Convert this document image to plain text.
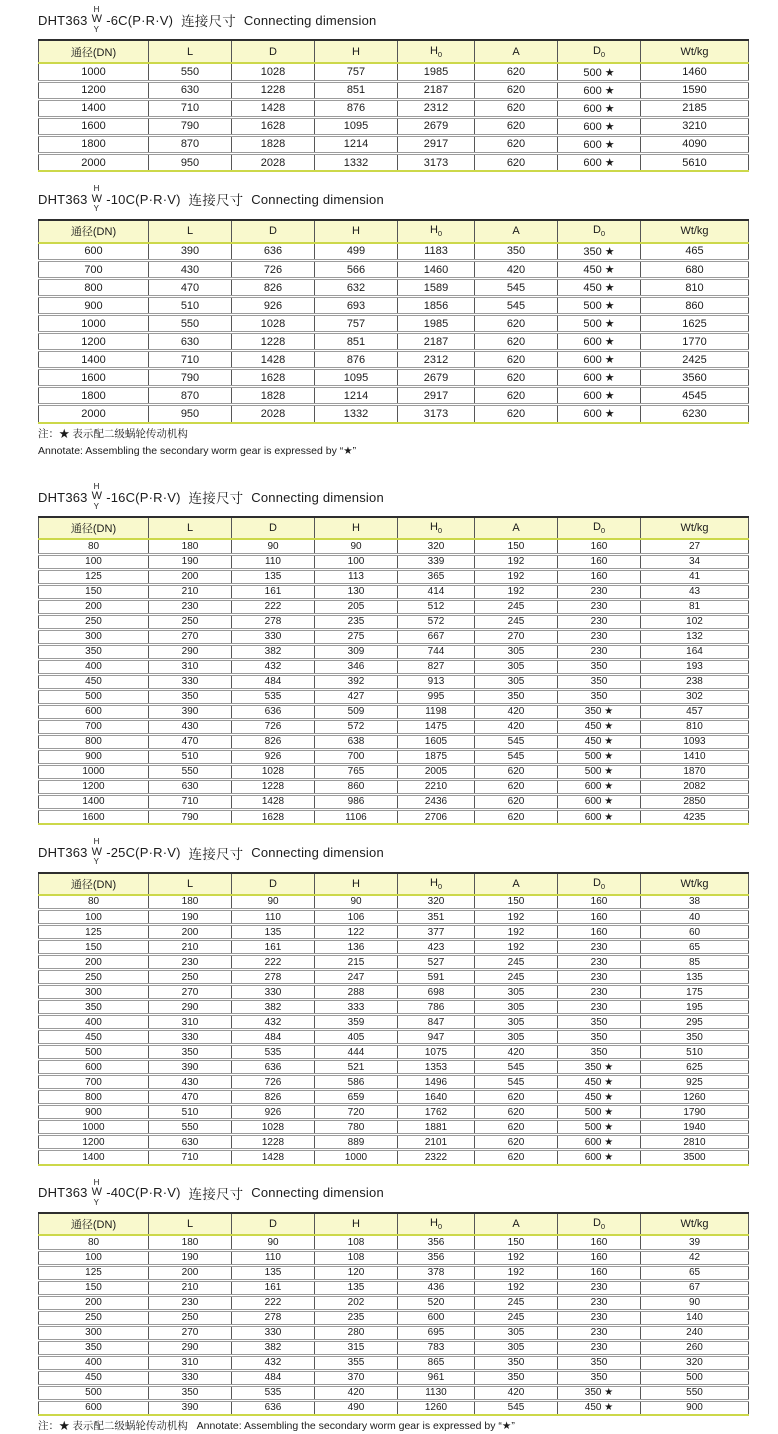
DHT363
H
W
Y
-6C(P·R·V) 连接尺寸 Connecting dimension
通径(DN)	L	D	H	$H_0$	A	$D_0$	Wt/kg
1000	550	1028	757	1985	620	500 ★	1460
1200	630	1228	851	2187	620	600 ★	1590
1400	710	1428	876	2312	620	600 ★	2185
1600	790	1628	1095	2679	620	600 ★	3210
1800	870	1828	1214	2917	620	600 ★	4090
2000	950	2028	1332	3173	620	600 ★	5610
DHT363
H
W
Y
-10C(P·R·V) 连接尺寸 Connecting dimension
通径(DN)	L	D	H	$H_0$	A	$D_0$	Wt/kg
600	390	636	499	1183	350	350 ★	465
700	430	726	566	1460	420	450 ★	680
800	470	826	632	1589	545	450 ★	810
900	510	926	693	1856	545	500 ★	860
1000	550	1028	757	1985	620	500 ★	1625
1200	630	1228	851	2187	620	600 ★	1770
1400	710	1428	876	2312	620	600 ★	2425
1600	790	1628	1095	2679	620	600 ★	3560
1800	870	1828	1214	2917	620	600 ★	4545
2000	950	2028	1332	3173	620	600 ★	6230
注：★ 表示配二级蜗轮传动机构
Annotate: Assembling the secondary worm gear is expressed by “★”
DHT363
H
W
Y
-16C(P·R·V) 连接尺寸 Connecting dimension
通径(DN)	L	D	H	$H_0$	A	$D_0$	Wt/kg
80	180	90	90	320	150	160	27
100	190	110	100	339	192	160	34
125	200	135	113	365	192	160	41
150	210	161	130	414	192	230	43
200	230	222	205	512	245	230	81
250	250	278	235	572	245	230	102
300	270	330	275	667	270	230	132
350	290	382	309	744	305	230	164
400	310	432	346	827	305	350	193
450	330	484	392	913	305	350	238
500	350	535	427	995	350	350	302
600	390	636	509	1198	420	350 ★	457
700	430	726	572	1475	420	450 ★	810
800	470	826	638	1605	545	450 ★	1093
900	510	926	700	1875	545	500 ★	1410
1000	550	1028	765	2005	620	500 ★	1870
1200	630	1228	860	2210	620	600 ★	2082
1400	710	1428	986	2436	620	600 ★	2850
1600	790	1628	1106	2706	620	600 ★	4235
DHT363
H
W
Y
-25C(P·R·V) 连接尺寸 Connecting dimension
通径(DN)	L	D	H	$H_0$	A	$D_0$	Wt/kg
80	180	90	90	320	150	160	38
100	190	110	106	351	192	160	40
125	200	135	122	377	192	160	60
150	210	161	136	423	192	230	65
200	230	222	215	527	245	230	85
250	250	278	247	591	245	230	135
300	270	330	288	698	305	230	175
350	290	382	333	786	305	230	195
400	310	432	359	847	305	350	295
450	330	484	405	947	305	350	350
500	350	535	444	1075	420	350	510
600	390	636	521	1353	545	350 ★	625
700	430	726	586	1496	545	450 ★	925
800	470	826	659	1640	620	450 ★	1260
900	510	926	720	1762	620	500 ★	1790
1000	550	1028	780	1881	620	500 ★	1940
1200	630	1228	889	2101	620	600 ★	2810
1400	710	1428	1000	2322	620	600 ★	3500
DHT363
H
W
Y
-40C(P·R·V) 连接尺寸 Connecting dimension
通径(DN)	L	D	H	$H_0$	A	$D_0$	Wt/kg
80	180	90	108	356	150	160	39
100	190	110	108	356	192	160	42
125	200	135	120	378	192	160	65
150	210	161	135	436	192	230	67
200	230	222	202	520	245	230	90
250	250	278	235	600	245	230	140
300	270	330	280	695	305	230	240
350	290	382	315	783	305	230	260
400	310	432	355	865	350	350	320
450	330	484	370	961	350	350	500
500	350	535	420	1130	420	350 ★	550
600	390	636	490	1260	545	450 ★	900
注：★ 表示配二级蜗轮传动机构   Annotate: Assembling the secondary worm gear is expressed by “★”
